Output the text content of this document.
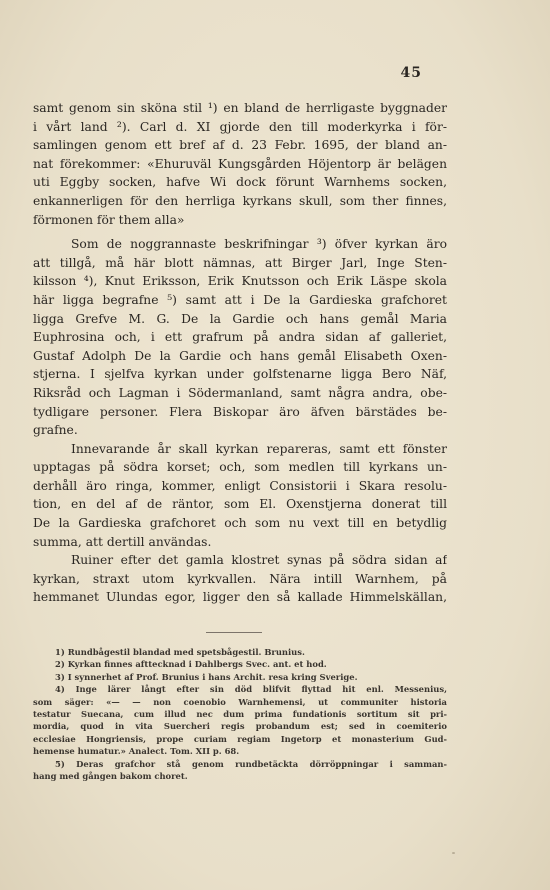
45
samt genom sin sköna stil ¹) en bland de herrligaste byggnader
i vårt land ²). Carl d. XI gjorde den till moderkyrka i för-
samlingen genom ett bref af d. 23 Febr. 1695, der bland an-
nat förekommer: «Ehuruväl Kungsgården Höjentorp är belägen
uti Eggby socken, hafve Wi dock förunt Warnhems socken,
enkannerligen för den herrliga kyrkans skull, som ther finnes,
förmonen för them alla»
Som de noggrannaste beskrifningar ³) öfver kyrkan äro
att tillgå, må här blott nämnas, att Birger Jarl, Inge Sten-
kilsson ⁴), Knut Eriksson, Erik Knutsson och Erik Läspe skola
här ligga begrafne ⁵) samt att i De la Gardieska grafchoret
ligga Grefve M. G. De la Gardie och hans gemål Maria
Euphrosina och, i ett grafrum på andra sidan af galleriet,
Gustaf Adolph De la Gardie och hans gemål Elisabeth Oxen-
stjerna. I sjelfva kyrkan under golfstenarne ligga Bero Näf,
Riksråd och Lagman i Södermanland, samt några andra, obe-
tydligare personer. Flera Biskopar äro äfven bärstädes be-
grafne.
Innevarande år skall kyrkan repareras, samt ett fönster
upptagas på södra korset; och, som medlen till kyrkans un-
derhåll äro ringa, kommer, enligt Consistorii i Skara resolu-
tion, en del af de räntor, som El. Oxenstjerna donerat till
De la Gardieska grafchoret och som nu vext till en betydlig
summa, att dertill användas.
Ruiner efter det gamla klostret synas på södra sidan af
kyrkan, straxt utom kyrkvallen. Nära intill Warnhem, på
hemmanet Ulundas egor, ligger den så kallade Himmelskällan,
1) Rundbågestil blandad med spetsbågestil. Brunius.
2) Kyrkan finnes afttecknad i Dahlbergs Svec. ant. et hod.
3) I synnerhet af Prof. Brunius i hans Archit. resa kring Sverige.
4) Inge lärer långt efter sin död blifvit flyttad hit enl. Messenius,
som säger: «— — non coenobio Warnhemensi, ut communiter historia
testatur Suecana, cum illud nec dum prima fundationis sortitum sit pri-
mordia, quod in vita Suercheri regis probandum est; sed in coemiterio
ecclesiae Hongriensis, prope curiam regiam Ingetorp et monasterium Gud-
hemense humatur.» Analect. Tom. XII p. 68.
5) Deras grafchor stå genom rundbetäckta dörröppningar i samman-
hang med gången bakom choret.
